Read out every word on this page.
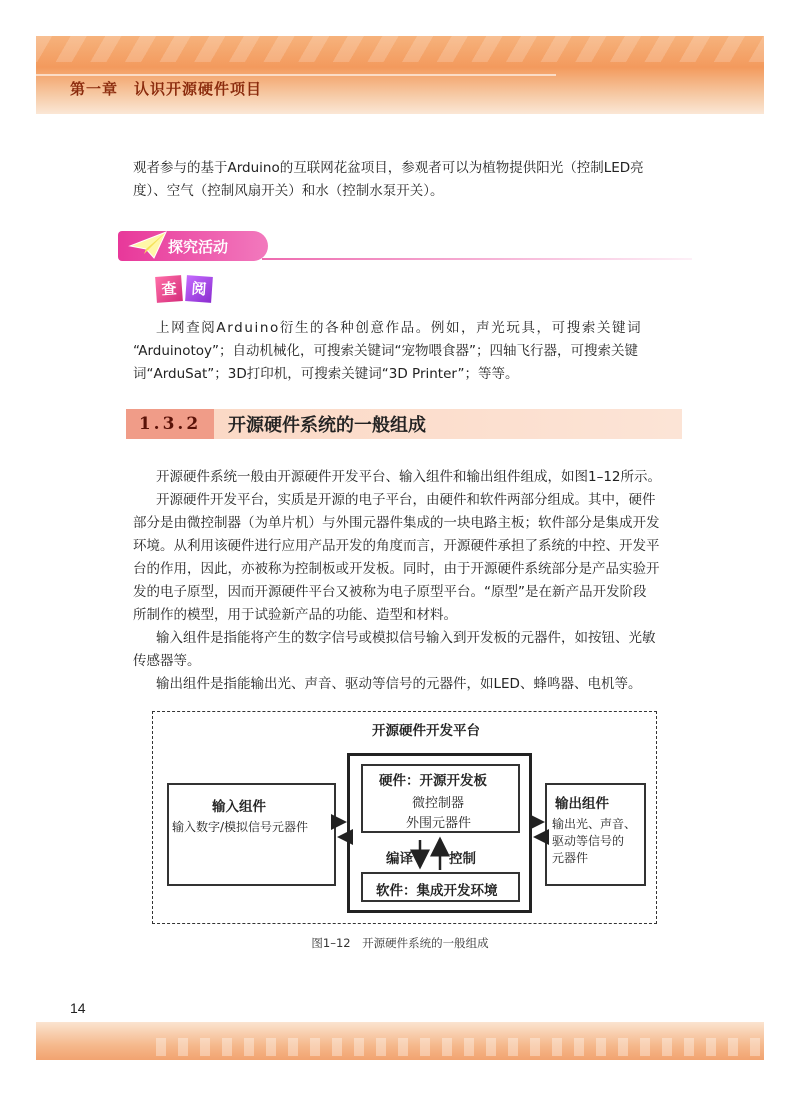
第一章　认识开源硬件项目
观者参与的基于Arduino的互联网花盆项目，参观者可以为植物提供阳光（控制LED亮
度）、空气（控制风扇开关）和水（控制水泵开关）。
探究活动
查 阅
上网查阅Arduino衍生的各种创意作品。例如，声光玩具，可搜索关键词
“Arduinotoy”；自动机械化，可搜索关键词“宠物喂食器”；四轴飞行器，可搜索关键
词“ArduSat”；3D打印机，可搜索关键词“3D Printer”；等等。
1.3.2	开源硬件系统的一般组成
开源硬件系统一般由开源硬件开发平台、输入组件和输出组件组成，如图1–12所示。
开源硬件开发平台，实质是开源的电子平台，由硬件和软件两部分组成。其中，硬件
部分是由微控制器（为单片机）与外围元器件集成的一块电路主板；软件部分是集成开发
环境。从利用该硬件进行应用产品开发的角度而言，开源硬件承担了系统的中控、开发平
台的作用，因此，亦被称为控制板或开发板。同时，由于开源硬件系统部分是产品实验开
发的电子原型，因而开源硬件平台又被称为电子原型平台。“原型”是在新产品开发阶段
所制作的模型，用于试验新产品的功能、造型和材料。
输入组件是指能将产生的数字信号或模拟信号输入到开发板的元器件，如按钮、光敏
传感器等。
输出组件是指能输出光、声音、驱动等信号的元器件，如LED、蜂鸣器、电机等。
开源硬件开发平台
硬件：开源开发板
微控制器
外围元器件
软件：集成开发环境
编译	控制
输入组件
输入数字/模拟信号元器件
输出组件
输出光、声音、
驱动等信号的
元器件
图1–12　开源硬件系统的一般组成
14
